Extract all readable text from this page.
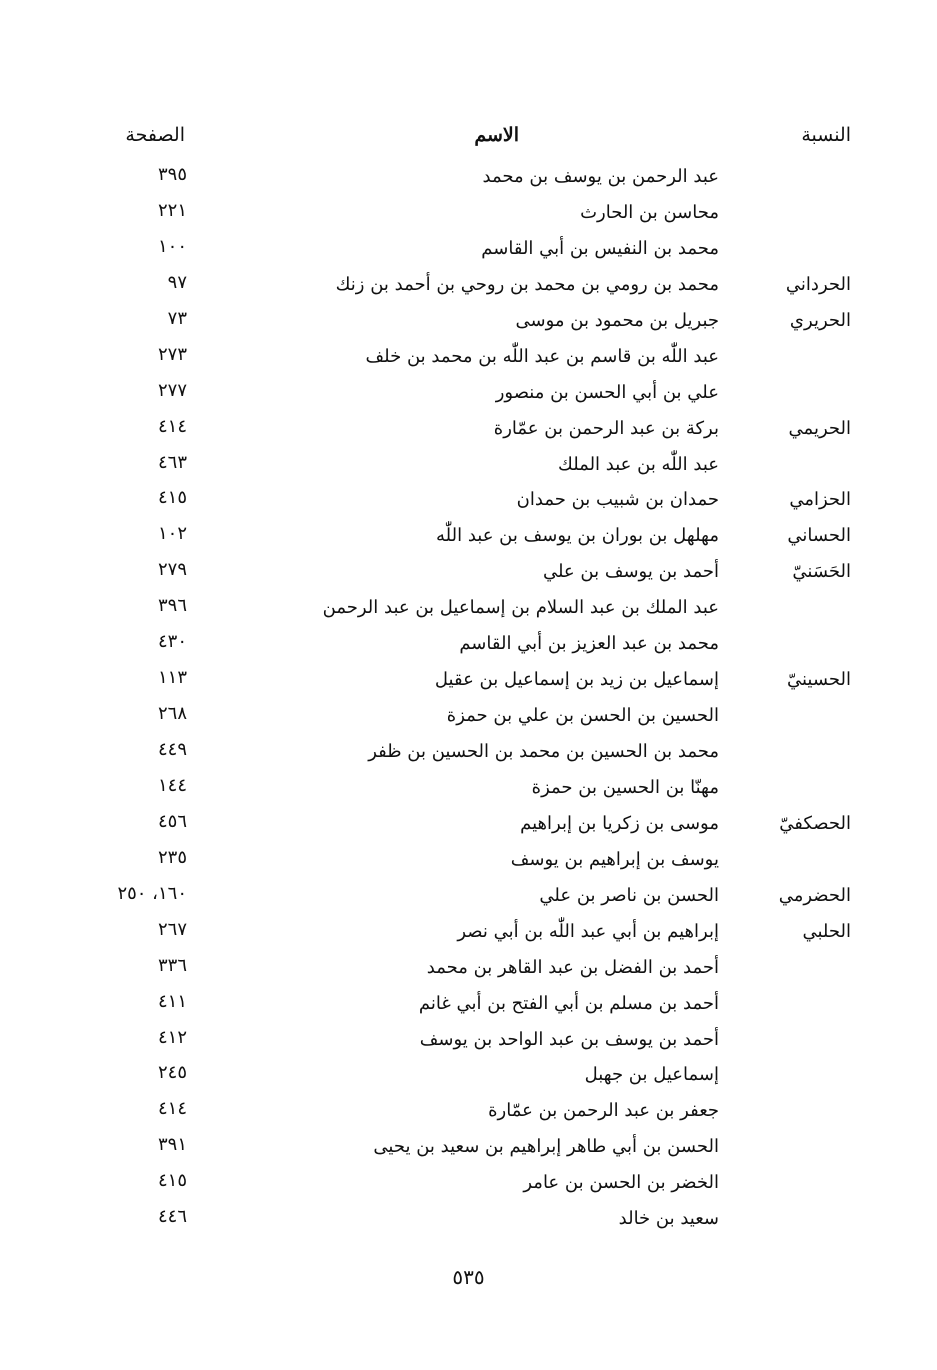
النسبة
الاسم
الصفحة
عبد الرحمن بن يوسف بن محمد
٣٩٥
محاسن بن الحارث
٢٢١
محمد بن النفيس بن أبي القاسم
١٠٠
الحرداني
محمد بن رومي بن محمد بن روحي بن أحمد بن زنك
٩٧
الحريري
جبريل بن محمود بن موسى
٧٣
عبد اللّٰه بن قاسم بن عبد اللّٰه بن محمد بن خلف
٢٧٣
علي بن أبي الحسن بن منصور
٢٧٧
الحريمي
بركة بن عبد الرحمن بن عمّارة
٤١٤
عبد اللّٰه بن عبد الملك
٤٦٣
الحزامي
حمدان بن شبيب بن حمدان
٤١٥
الحساني
مهلهل بن بوران بن يوسف بن عبد اللّٰه
١٠٢
الحَسَنيّ
أحمد بن يوسف بن علي
٢٧٩
عبد الملك بن عبد السلام بن إسماعيل بن عبد الرحمن
٣٩٦
محمد بن عبد العزيز بن أبي القاسم
٤٣٠
الحسينيّ
إسماعيل بن زيد بن إسماعيل بن عقيل
١١٣
الحسين بن الحسن بن علي بن حمزة
٢٦٨
محمد بن الحسين بن محمد بن الحسين بن ظفر
٤٤٩
مهنّا بن الحسين بن حمزة
١٤٤
الحصكفيّ
موسى بن زكريا بن إبراهيم
٤٥٦
يوسف بن إبراهيم بن يوسف
٢٣٥
الحضرمي
الحسن بن ناصر بن علي
١٦٠، ٢٥٠
الحلبي
إبراهيم بن أبي عبد اللّٰه بن أبي نصر
٢٦٧
أحمد بن الفضل بن عبد القاهر بن محمد
٣٣٦
أحمد بن مسلم بن أبي الفتح بن أبي غانم
٤١١
أحمد بن يوسف بن عبد الواحد بن يوسف
٤١٢
إسماعيل بن جهبل
٢٤٥
جعفر بن عبد الرحمن بن عمّارة
٤١٤
الحسن بن أبي طاهر إبراهيم بن سعيد بن يحيى
٣٩١
الخضر بن الحسن بن عامر
٤١٥
سعيد بن خالد
٤٤٦
٥٣٥
